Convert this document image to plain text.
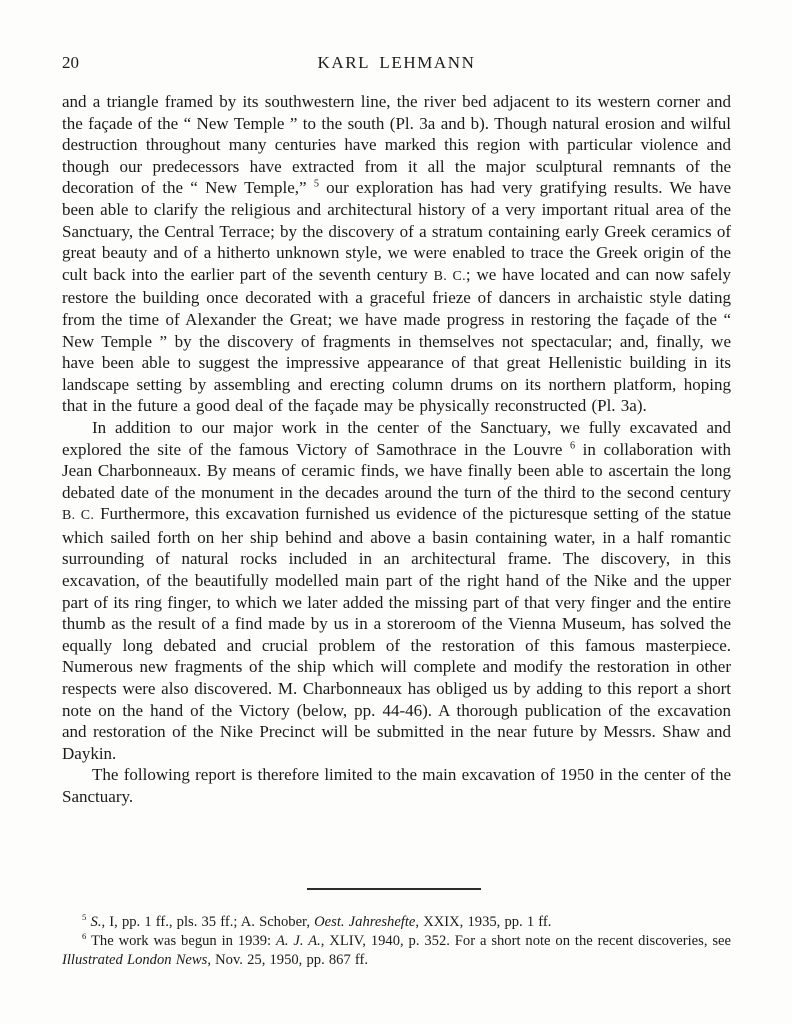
20	KARL LEHMANN

and a triangle framed by its southwestern line, the river bed adjacent to its western corner and the façade of the “ New Temple ” to the south (Pl. 3a and b). Though natural erosion and wilful destruction throughout many centuries have marked this region with particular violence and though our predecessors have extracted from it all the major sculptural remnants of the decoration of the “ New Temple,” $^5$ our exploration has had very gratifying results. We have been able to clarify the religious and architectural history of a very important ritual area of the Sanctuary, the Central Terrace; by the discovery of a stratum containing early Greek ceramics of great beauty and of a hitherto unknown style, we were enabled to trace the Greek origin of the cult back into the earlier part of the seventh century B. C.; we have located and can now safely restore the building once decorated with a graceful frieze of dancers in archaistic style dating from the time of Alexander the Great; we have made progress in restoring the façade of the “ New Temple ” by the discovery of fragments in themselves not spectacular; and, finally, we have been able to suggest the impressive appearance of that great Hellenistic building in its landscape setting by assembling and erecting column drums on its northern platform, hoping that in the future a good deal of the façade may be physically reconstructed (Pl. 3a).

In addition to our major work in the center of the Sanctuary, we fully excavated and explored the site of the famous Victory of Samothrace in the Louvre $^6$ in collaboration with Jean Charbonneaux. By means of ceramic finds, we have finally been able to ascertain the long debated date of the monument in the decades around the turn of the third to the second century B. C. Furthermore, this excavation furnished us evidence of the picturesque setting of the statue which sailed forth on her ship behind and above a basin containing water, in a half romantic surrounding of natural rocks included in an architectural frame. The discovery, in this excavation, of the beautifully modelled main part of the right hand of the Nike and the upper part of its ring finger, to which we later added the missing part of that very finger and the entire thumb as the result of a find made by us in a storeroom of the Vienna Museum, has solved the equally long debated and crucial problem of the restoration of this famous masterpiece. Numerous new fragments of the ship which will complete and modify the restoration in other respects were also discovered. M. Charbonneaux has obliged us by adding to this report a short note on the hand of the Victory (below, pp. 44-46). A thorough publication of the excavation and restoration of the Nike Precinct will be submitted in the near future by Messrs. Shaw and Daykin.

The following report is therefore limited to the main excavation of 1950 in the center of the Sanctuary.

$^5$ S., I, pp. 1 ff., pls. 35 ff.; A. Schober, Oest. Jahreshefte, XXIX, 1935, pp. 1 ff.

$^6$ The work was begun in 1939: A. J. A., XLIV, 1940, p. 352. For a short note on the recent discoveries, see Illustrated London News, Nov. 25, 1950, pp. 867 ff.
